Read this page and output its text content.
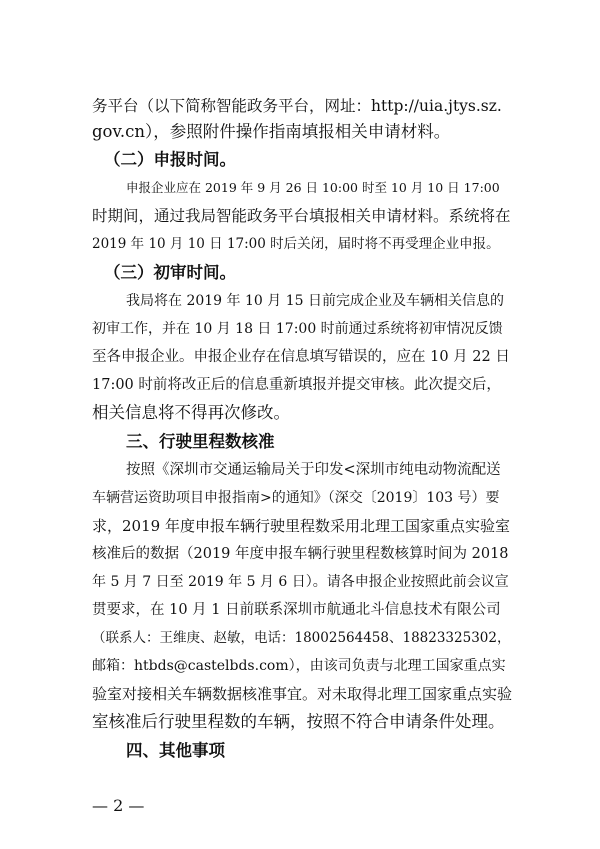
务平台（以下简称智能政务平台，网址：http://uia.jtys.sz.
gov.cn），参照附件操作指南填报相关申请材料。
（二）申报时间。
申报企业应在 2019 年 9 月 26 日 10:00 时至 10 月 10 日 17:00
时期间，通过我局智能政务平台填报相关申请材料。系统将在
2019 年 10 月 10 日 17:00 时后关闭，届时将不再受理企业申报。
（三）初审时间。
我局将在 2019 年 10 月 15 日前完成企业及车辆相关信息的
初审工作，并在 10 月 18 日 17:00 时前通过系统将初审情况反馈
至各申报企业。申报企业存在信息填写错误的，应在 10 月 22 日
17:00 时前将改正后的信息重新填报并提交审核。此次提交后，
相关信息将不得再次修改。
三、行驶里程数核准
按照《深圳市交通运输局关于印发<深圳市纯电动物流配送
车辆营运资助项目申报指南>的通知》（深交〔2019〕103 号）要
求，2019 年度申报车辆行驶里程数采用北理工国家重点实验室
核准后的数据（2019 年度申报车辆行驶里程数核算时间为 2018
年 5 月 7 日至 2019 年 5 月 6 日）。请各申报企业按照此前会议宣
贯要求，在 10 月 1 日前联系深圳市航通北斗信息技术有限公司
（联系人：王维庚、赵敏，电话：18002564458、18823325302，
邮箱：htbds@castelbds.com），由该司负责与北理工国家重点实
验室对接相关车辆数据核准事宜。对未取得北理工国家重点实验
室核准后行驶里程数的车辆，按照不符合申请条件处理。
四、其他事项
— 2 —
